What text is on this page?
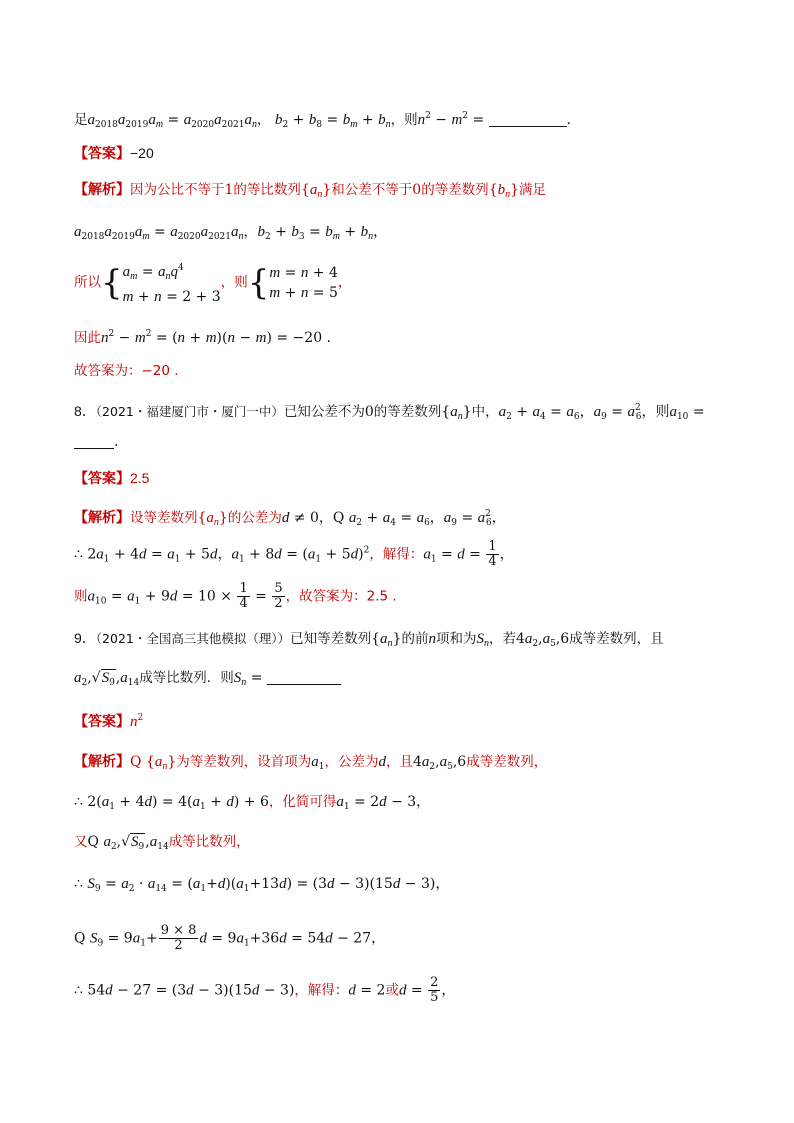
足$a_{2018}a_{2019}a_m = a_{2020}a_{2021}a_n$， $b_2 + b_8 = b_m + b_n$，则$n^2 - m^2$ =	.
【答案】−20
【解析】因为公比不等于1的等比数列$\{a_n\}$和公差不等于0的等差数列$\{b_n\}$满足
$a_{2018}a_{2019}a_m = a_{2020}a_{2021}a_n$，$b_2 + b_3 = b_m + b_n$，
所以{$a_m = a_nq^4$
m + n = 2 + 3，则{m = n + 4
m + n = 5，
因此$n^2 - m^2 = (n + m)(n - m) = -20$ .
故答案为：−20 .
8．（2021・福建厦门市・厦门一中）已知公差不为0的等差数列$\{a_n\}$中，$a_2 + a_4 = a_6$，$a_9 = a^2_6$，则$a_{10}$ =
.
【答案】2.5
【解析】设等差数列$\{a_n\}$的公差为d ≠ 0，Q $a_2 + a_4 = a_6$，$a_9 = a^2_6$，
∴ $2a_1 + 4d = a_1 + 5d$，$a_1 + 8d = (a_1 + 5d)^2$，解得：$a_1 = d = \frac{1}{4}$ ，
则$a_{10} = a_1 + 9d = 10 \times \frac{1}{4} = \frac{5}{2}$ ，故答案为：2.5 .
9．（2021・全国高三其他模拟（理））已知等差数列$\{a_n\}$的前n项和为$S_n$，若$4a_2,a_5,6$成等差数列，且
$a_2,√S_9,a_{14}$成等比数列．则$S_n$ =
【答案】$n^2$
【解析】Q $\{a_n\}$为等差数列，设首项为$a_1$，公差为d，且$4a_2,a_5,6$成等差数列，
∴ $2(a_1 + 4d) = 4(a_1 + d) + 6$，化简可得$a_1 = 2d - 3$，
又Q $a_2,√S_9,a_{14}$成等比数列，
∴ $S_9 = a_2 \cdot a_{14} = (a_1+d)(a_1+13d) = (3d - 3)(15d - 3)$，
Q $S_9 = 9a_1+ \frac{9 \times 8}{2}$ $d = 9a_1+36d = 54d - 27$，
∴ 54d − 27 = (3d − 3)(15d − 3)，解得：d = 2或$d = \frac{2}{5}$ ，
